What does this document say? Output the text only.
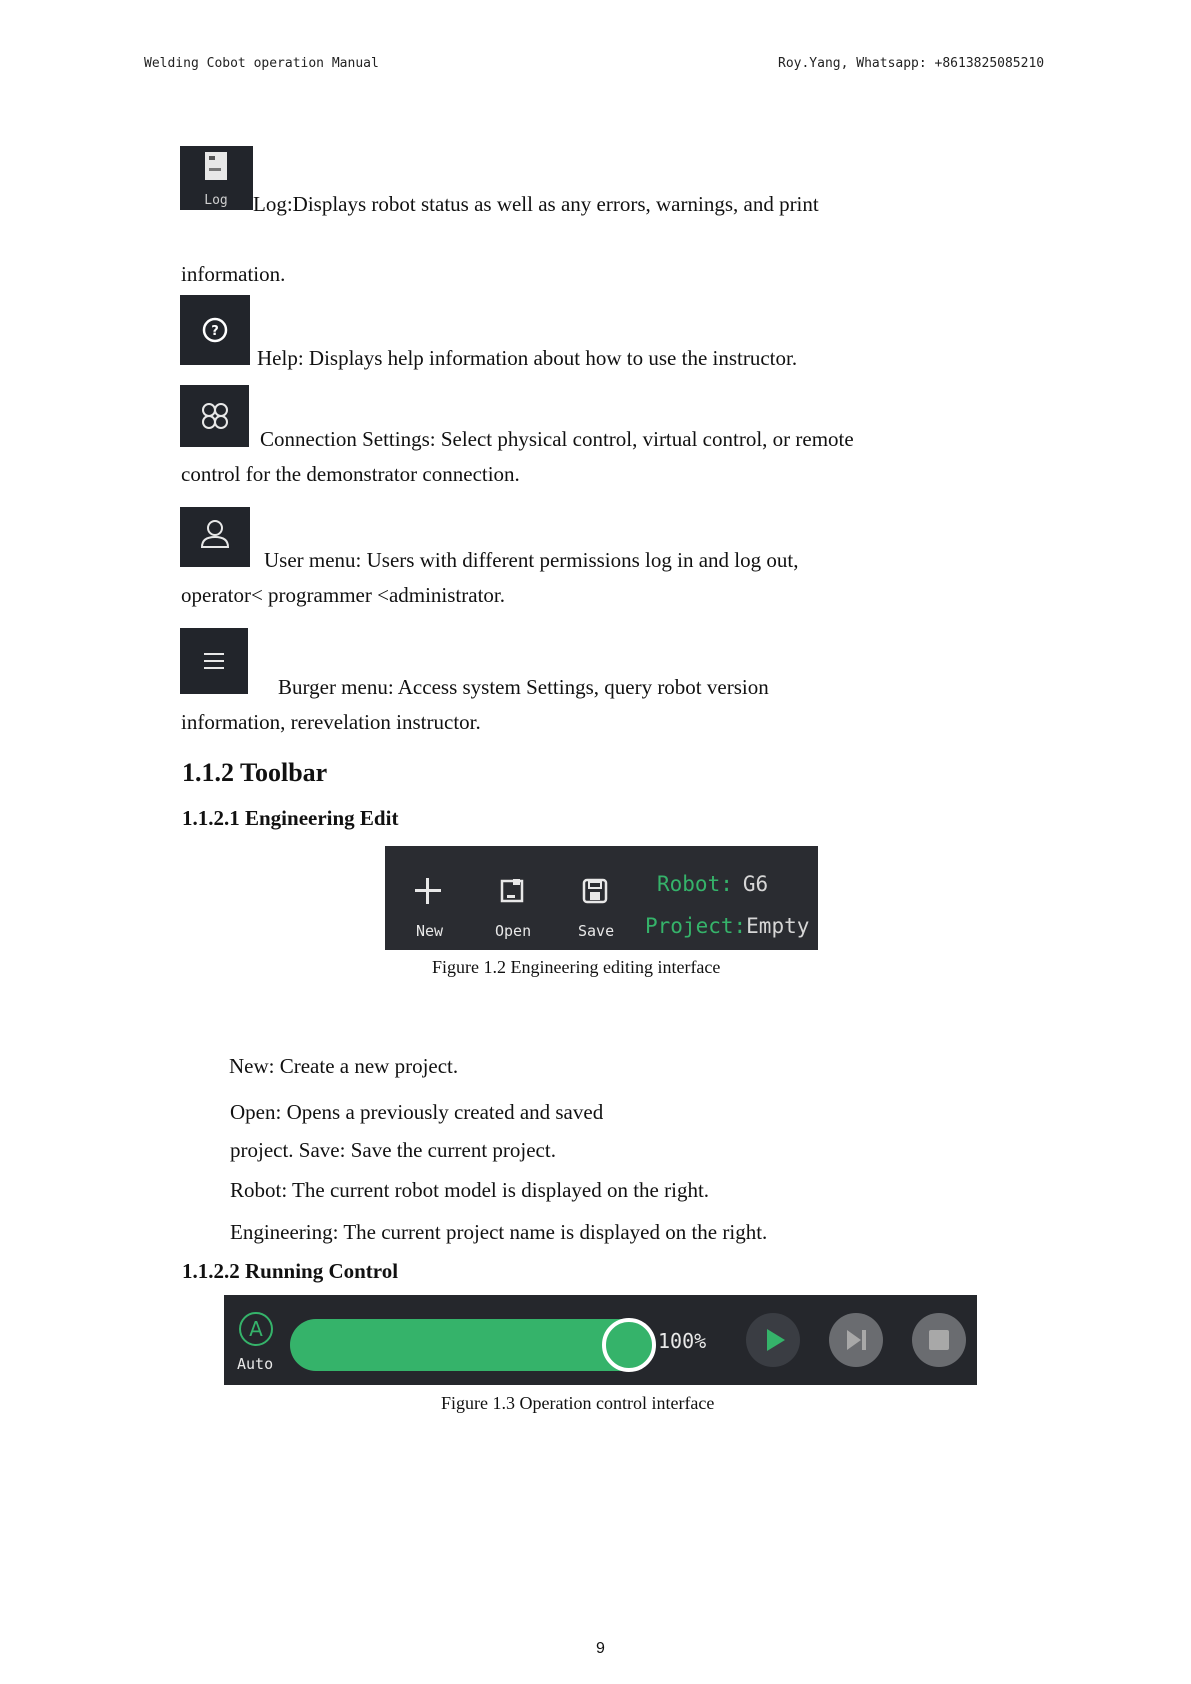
Welding Cobot operation Manual	Roy.Yang, Whatsapp: +8613825085210
Log Log:Displays robot status as well as any errors, warnings, and print
information.
?
Help: Displays help information about how to use the instructor.
Connection Settings: Select physical control, virtual control, or remote
control for the demonstrator connection.
User menu: Users with different permissions log in and log out,
operator< programmer <administrator.
Burger menu: Access system Settings, query robot version
information, rerevelation instructor.
1.1.2 Toolbar
1.1.2.1 Engineering Edit
New	Open	Save
Robot: G6
Project:Empty
Figure 1.2 Engineering editing interface
New: Create a new project.
Open: Opens a previously created and saved
project. Save: Save the current project.
Robot: The current robot model is displayed on the right.
Engineering: The current project name is displayed on the right.
1.1.2.2 Running Control
A
Auto
100%
Figure 1.3 Operation control interface
9
